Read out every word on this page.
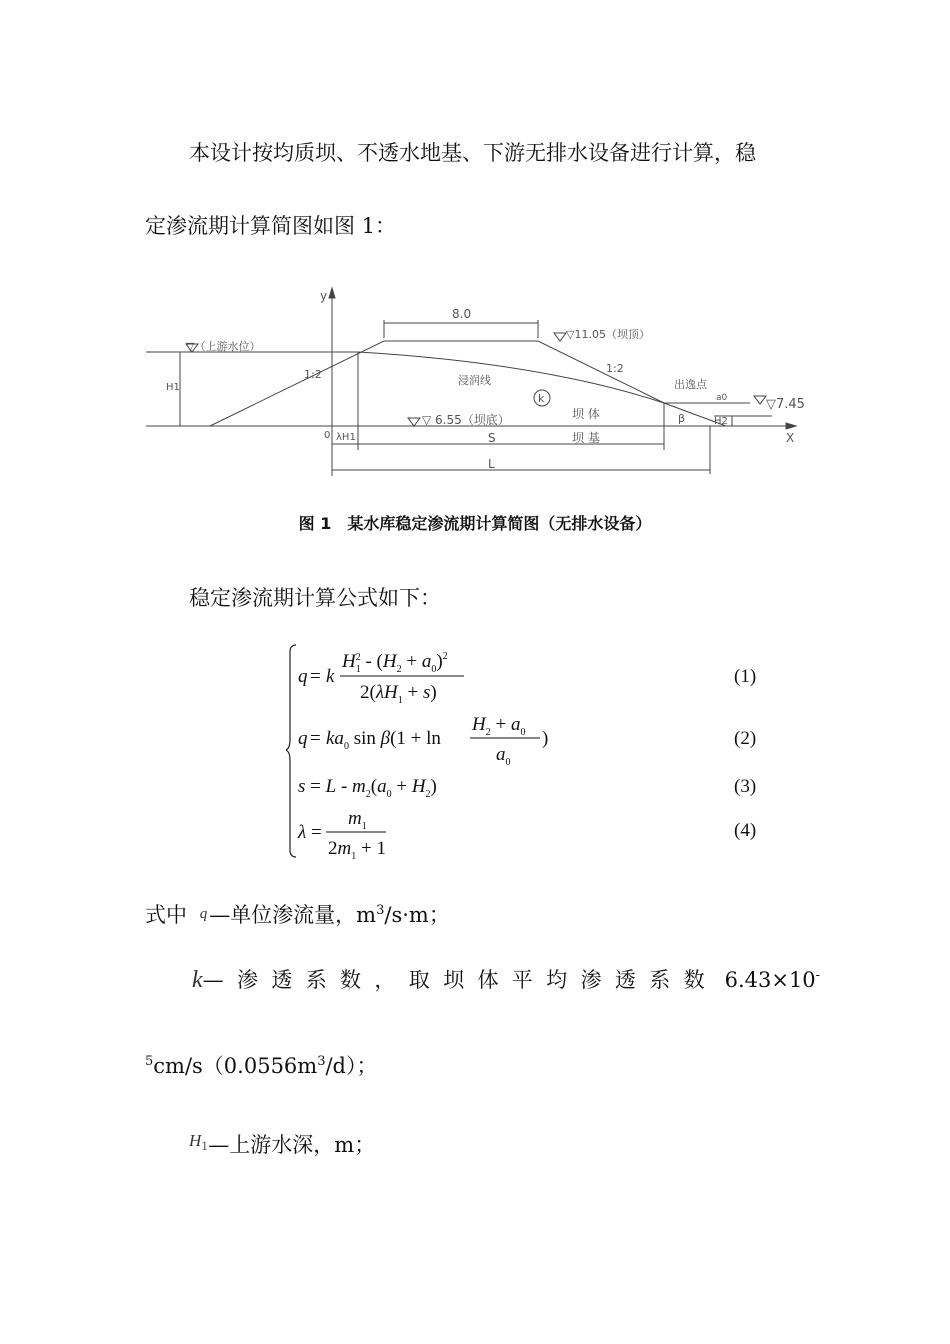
本设计按均质坝、不透水地基、下游无排水设备进行计算，稳
定渗流期计算简图如图 1：
y
X
0
8.0
▽11.05（坝顶）
▽（上游水位）
1:2	1:2
浸润线
k
出逸点
a0	▽7.45
H1
H2
β
▽ 6.55（坝底）	坝 体
坝 基
λH1	S
L
图 1　某水库稳定渗流期计算简图（无排水设备）
稳定渗流期计算公式如下：
q = k
$H^2$ $1 - (H_2 + a_0)^2$
$2(\lambda H_1 + s)$
(1)
$q = ka_0$ sin β(1 + ln
$H_2 + a_0$
$a_0$
)	(2)
$s = L - m_2(a_0 + H_2)$	(3)
λ =
$m_1$
$2m_1 + 1$
(4)
式中 q—单位渗流量，$m^3/s\cdot m$；
k—  渗  透  系  数  ，  取  坝  体  平  均  渗  透  系  数   6.43×10-
$^5cm/s(0.0556m^3/d)$；
$^H$1—上游水深，m；
